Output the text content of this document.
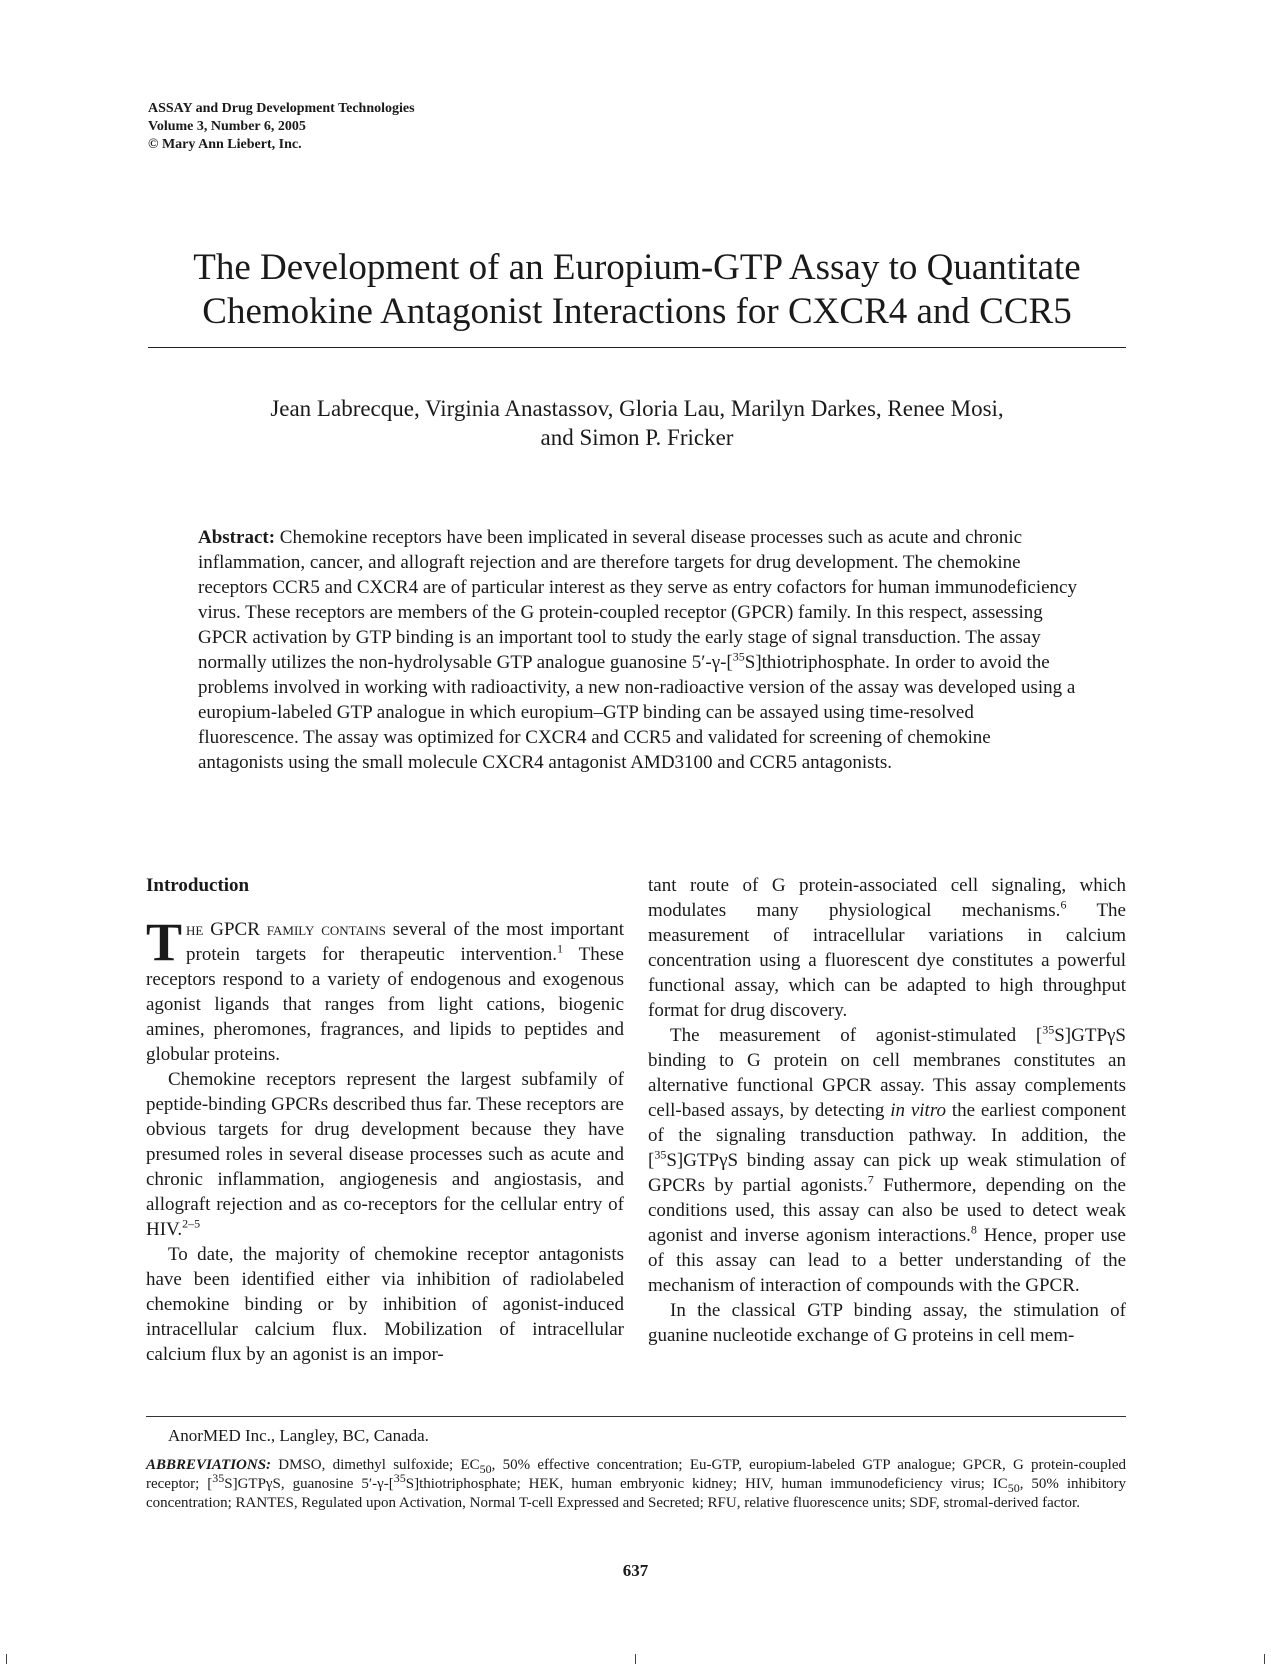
ASSAY and Drug Development Technologies
Volume 3, Number 6, 2005
© Mary Ann Liebert, Inc.
The Development of an Europium-GTP Assay to Quantitate
Chemokine Antagonist Interactions for CXCR4 and CCR5
Jean Labrecque, Virginia Anastassov, Gloria Lau, Marilyn Darkes, Renee Mosi,
and Simon P. Fricker

Abstract: Chemokine receptors have been implicated in several disease processes such as acute and chronic inflammation, cancer, and allograft rejection and are therefore targets for drug development. The chemokine receptors CCR5 and CXCR4 are of particular interest as they serve as entry cofactors for human immunodeficiency virus. These receptors are members of the G protein-coupled receptor (GPCR) family. In this respect, assessing GPCR activation by GTP binding is an important tool to study the early stage of signal transduction. The assay normally utilizes the non-hydrolysable GTP analogue guanosine 5′-γ-[$^{35}$S]thiotriphosphate. In order to avoid the problems involved in working with radioactivity, a new non-radioactive version of the assay was developed using a europium-labeled GTP analogue in which europium–GTP binding can be assayed using time-resolved fluorescence. The assay was optimized for CXCR4 and CCR5 and validated for screening of chemokine antagonists using the small molecule CXCR4 antagonist AMD3100 and CCR5 antagonists.

Introduction

The GPCR family contains several of the most important protein targets for therapeutic intervention.$^1$ These receptors respond to a variety of endogenous and exogenous agonist ligands that ranges from light cations, biogenic amines, pheromones, fragrances, and lipids to peptides and globular proteins.

Chemokine receptors represent the largest subfamily of peptide-binding GPCRs described thus far. These receptors are obvious targets for drug development because they have presumed roles in several disease processes such as acute and chronic inflammation, angiogenesis and angiostasis, and allograft rejection and as co-receptors for the cellular entry of HIV.$^{2-5}$

To date, the majority of chemokine receptor antagonists have been identified either via inhibition of radiolabeled chemokine binding or by inhibition of agonist-induced intracellular calcium flux. Mobilization of intracellular calcium flux by an agonist is an impor-

tant route of G protein-associated cell signaling, which modulates many physiological mechanisms.$^6$ The measurement of intracellular variations in calcium concentration using a fluorescent dye constitutes a powerful functional assay, which can be adapted to high throughput format for drug discovery.

The measurement of agonist-stimulated [$^{35}$S]GTPγS binding to G protein on cell membranes constitutes an alternative functional GPCR assay. This assay complements cell-based assays, by detecting in vitro the earliest component of the signaling transduction pathway. In addition, the [$^{35}$S]GTPγS binding assay can pick up weak stimulation of GPCRs by partial agonists.$^7$ Futhermore, depending on the conditions used, this assay can also be used to detect weak agonist and inverse agonism interactions.$^8$ Hence, proper use of this assay can lead to a better understanding of the mechanism of interaction of compounds with the GPCR.

In the classical GTP binding assay, the stimulation of guanine nucleotide exchange of G proteins in cell mem-

AnorMED Inc., Langley, BC, Canada.

ABBREVIATIONS: DMSO, dimethyl sulfoxide; $EC_{50}$, 50% effective concentration; Eu-GTP, europium-labeled GTP analogue; GPCR, G protein-coupled receptor; [$^{35}$S]GTPγS, guanosine 5′-γ-[$^{35}$S]thiotriphosphate; HEK, human embryonic kidney; HIV, human immunodeficiency virus; $IC_{50}$, 50% inhibitory concentration; RANTES, Regulated upon Activation, Normal T-cell Expressed and Secreted; RFU, relative fluorescence units; SDF, stromal-derived factor.

637
